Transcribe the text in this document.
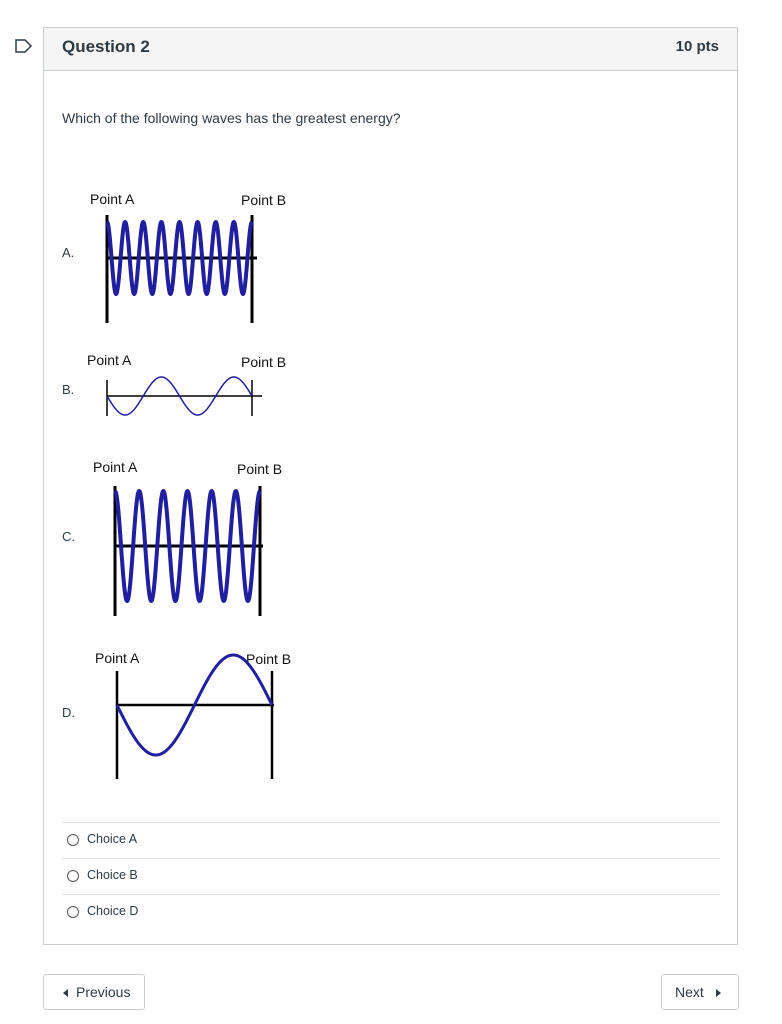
Question 2	10 pts
Which of the following waves has the greatest energy?
A.
Point A	Point B
B.
Point A	Point B
C.
Point A	Point B
D.
Point A	Point B
Choice A
Choice B
Choice D
Previous	Next
